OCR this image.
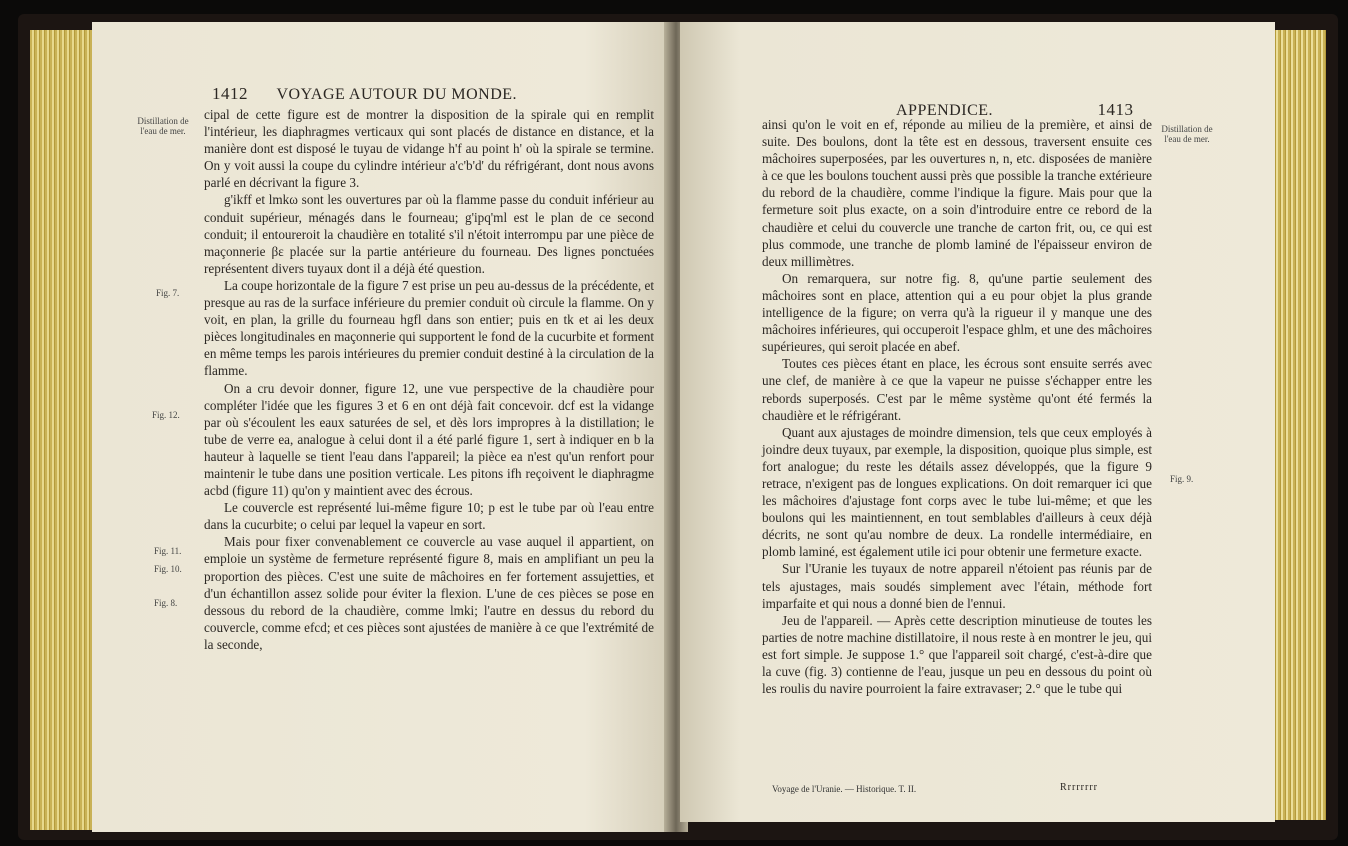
1412 VOYAGE AUTOUR DU MONDE.
Distillation de l'eau de mer.
Fig. 7.
Fig. 12.
Fig. 11.
Fig. 10.
Fig. 8.

cipal de cette figure est de montrer la disposition de la spirale qui en remplit l'intérieur, les diaphragmes verticaux qui sont placés de distance en distance, et la manière dont est disposé le tuyau de vidange h'f au point h' où la spirale se termine. On y voit aussi la coupe du cylindre intérieur a'c'b'd' du réfrigérant, dont nous avons parlé en décrivant la figure 3.

g'ikff et lmkω sont les ouvertures par où la flamme passe du conduit inférieur au conduit supérieur, ménagés dans le fourneau; g'ipq'ml est le plan de ce second conduit; il entoureroit la chaudière en totalité s'il n'étoit interrompu par une pièce de maçonnerie βε placée sur la partie antérieure du fourneau. Des lignes ponctuées représentent divers tuyaux dont il a déjà été question.

La coupe horizontale de la figure 7 est prise un peu au-dessus de la précédente, et presque au ras de la surface inférieure du premier conduit où circule la flamme. On y voit, en plan, la grille du fourneau hgfl dans son entier; puis en tk et ai les deux pièces longitudinales en maçonnerie qui supportent le fond de la cucurbite et forment en même temps les parois intérieures du premier conduit destiné à la circulation de la flamme.

On a cru devoir donner, figure 12, une vue perspective de la chaudière pour compléter l'idée que les figures 3 et 6 en ont déjà fait concevoir. dcf est la vidange par où s'écoulent les eaux saturées de sel, et dès lors impropres à la distillation; le tube de verre ea, analogue à celui dont il a été parlé figure 1, sert à indiquer en b la hauteur à laquelle se tient l'eau dans l'appareil; la pièce ea n'est qu'un renfort pour maintenir le tube dans une position verticale. Les pitons ifh reçoivent le diaphragme acbd (figure 11) qu'on y maintient avec des écrous.

Le couvercle est représenté lui-même figure 10; p est le tube par où l'eau entre dans la cucurbite; o celui par lequel la vapeur en sort.

Mais pour fixer convenablement ce couvercle au vase auquel il appartient, on emploie un système de fermeture représenté figure 8, mais en amplifiant un peu la proportion des pièces. C'est une suite de mâchoires en fer fortement assujetties, et d'un échantillon assez solide pour éviter la flexion. L'une de ces pièces se pose en dessous du rebord de la chaudière, comme lmki; l'autre en dessus du rebord du couvercle, comme efcd; et ces pièces sont ajustées de manière à ce que l'extrémité de la seconde,

APPENDICE.	1413
Distillation de l'eau de mer.
Fig. 9.

ainsi qu'on le voit en ef, réponde au milieu de la première, et ainsi de suite. Des boulons, dont la tête est en dessous, traversent ensuite ces mâchoires superposées, par les ouvertures n, n, etc. disposées de manière à ce que les boulons touchent aussi près que possible la tranche extérieure du rebord de la chaudière, comme l'indique la figure. Mais pour que la fermeture soit plus exacte, on a soin d'introduire entre ce rebord de la chaudière et celui du couvercle une tranche de carton frit, ou, ce qui est plus commode, une tranche de plomb laminé de l'épaisseur environ de deux millimètres.

On remarquera, sur notre fig. 8, qu'une partie seulement des mâchoires sont en place, attention qui a eu pour objet la plus grande intelligence de la figure; on verra qu'à la rigueur il y manque une des mâchoires inférieures, qui occuperoit l'espace ghlm, et une des mâchoires supérieures, qui seroit placée en abef.

Toutes ces pièces étant en place, les écrous sont ensuite serrés avec une clef, de manière à ce que la vapeur ne puisse s'échapper entre les rebords superposés. C'est par le même système qu'ont été fermés la chaudière et le réfrigérant.

Quant aux ajustages de moindre dimension, tels que ceux employés à joindre deux tuyaux, par exemple, la disposition, quoique plus simple, est fort analogue; du reste les détails assez développés, que la figure 9 retrace, n'exigent pas de longues explications. On doit remarquer ici que les mâchoires d'ajustage font corps avec le tube lui-même; et que les boulons qui les maintiennent, en tout semblables d'ailleurs à ceux déjà décrits, ne sont qu'au nombre de deux. La rondelle intermédiaire, en plomb laminé, est également utile ici pour obtenir une fermeture exacte.

Sur l'Uranie les tuyaux de notre appareil n'étoient pas réunis par de tels ajustages, mais soudés simplement avec l'étain, méthode fort imparfaite et qui nous a donné bien de l'ennui.

Jeu de l'appareil. — Après cette description minutieuse de toutes les parties de notre machine distillatoire, il nous reste à en montrer le jeu, qui est fort simple. Je suppose 1.° que l'appareil soit chargé, c'est-à-dire que la cuve (fig. 3) contienne de l'eau, jusque un peu en dessous du point où les roulis du navire pourroient la faire extravaser; 2.° que le tube qui

Voyage de l'Uranie. — Historique. T. II.	Rrrrrrrr
